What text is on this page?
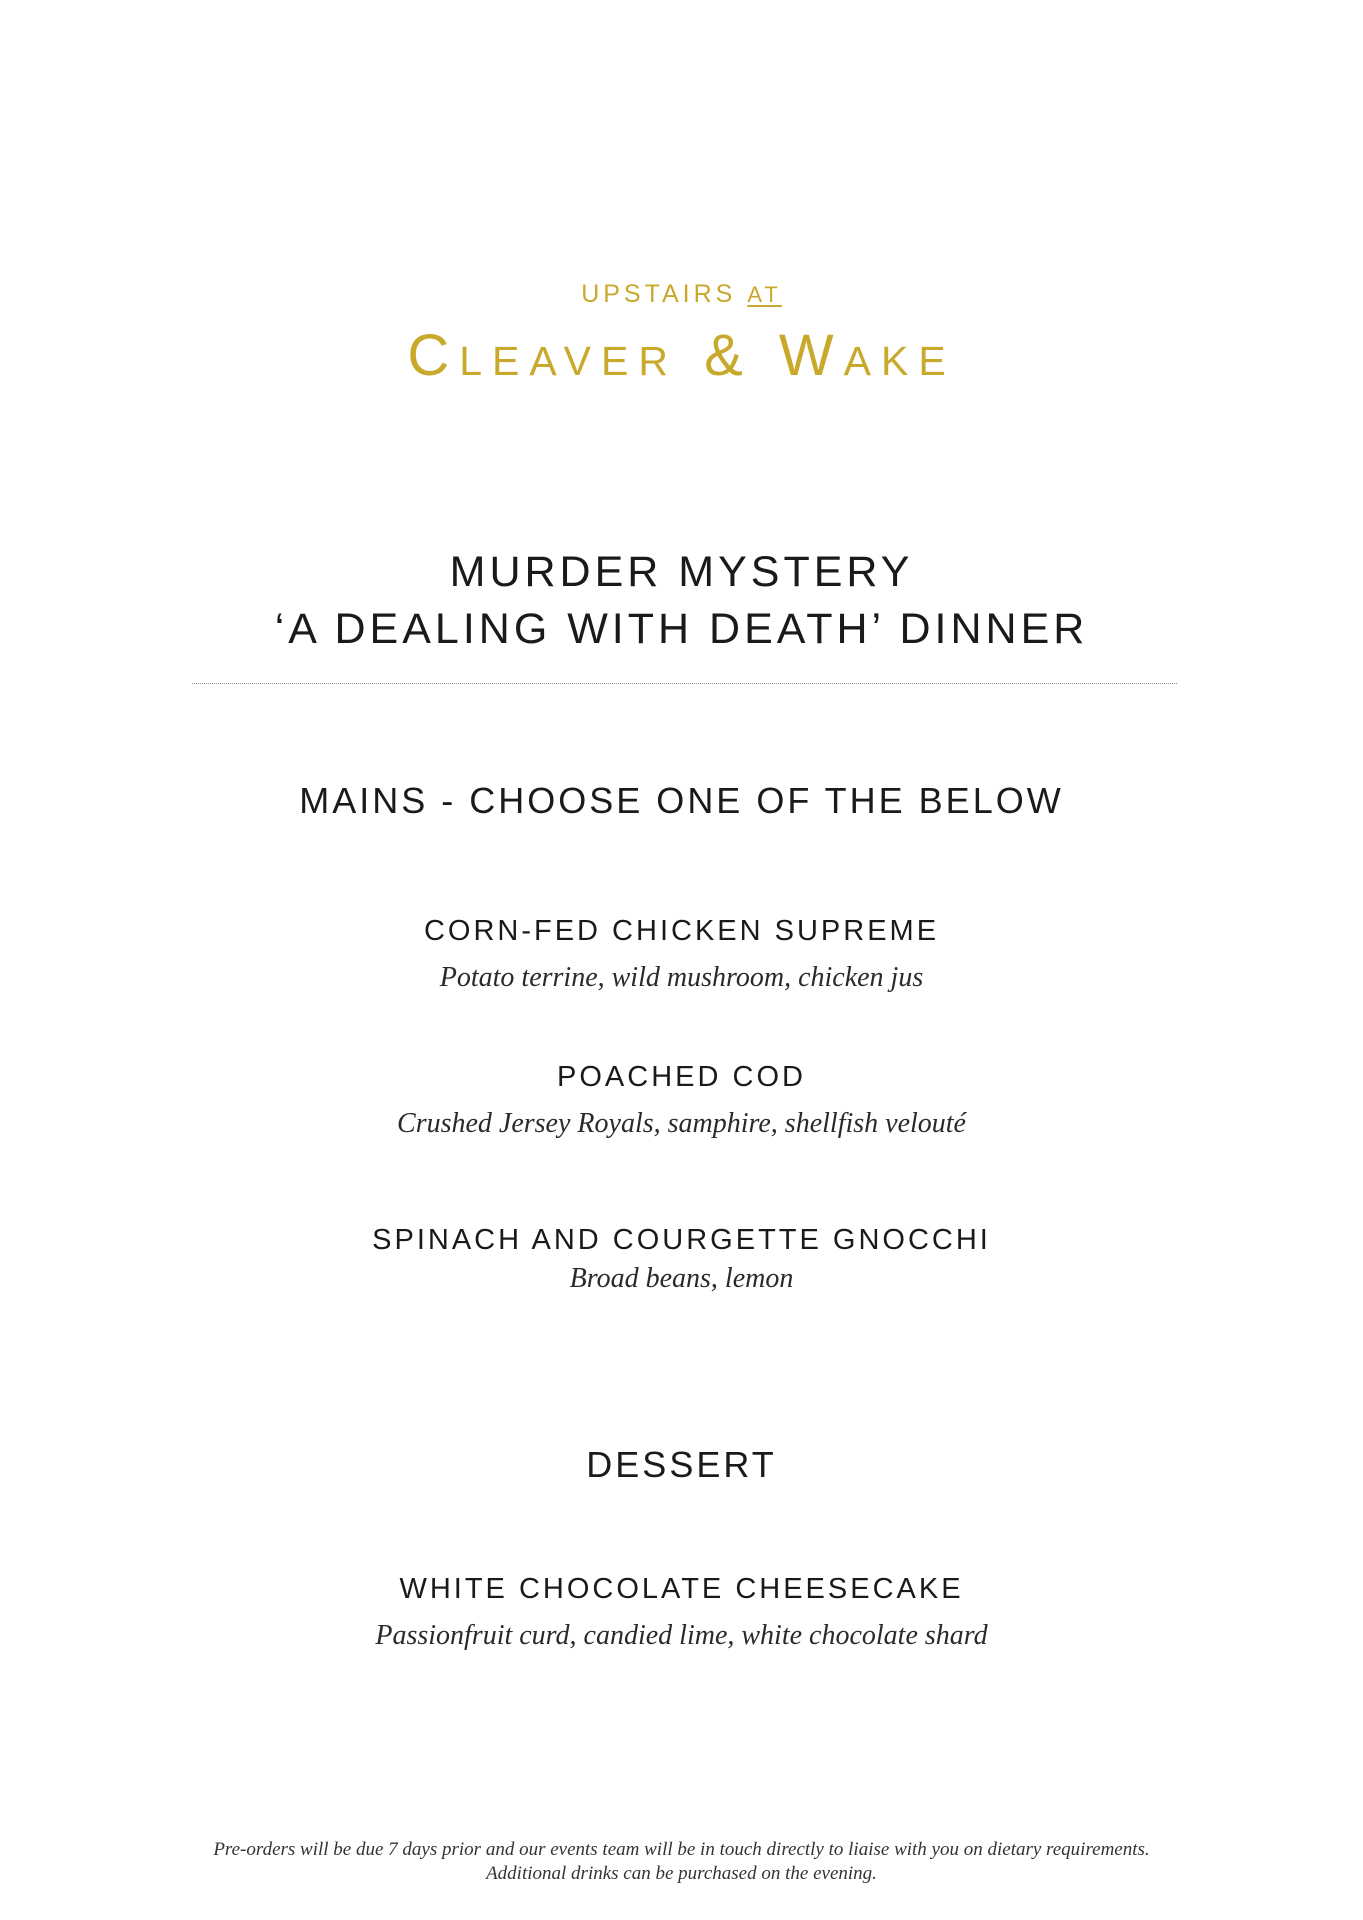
UPSTAIRS AT
Cleaver & Wake
MURDER MYSTERY
‘A DEALING WITH DEATH’ DINNER
MAINS - CHOOSE ONE OF THE BELOW
CORN-FED CHICKEN SUPREME
Potato terrine, wild mushroom, chicken jus
POACHED COD
Crushed Jersey Royals, samphire, shellfish velouté
SPINACH AND COURGETTE GNOCCHI
Broad beans, lemon
DESSERT
WHITE CHOCOLATE CHEESECAKE
Passionfruit curd, candied lime, white chocolate shard
Pre-orders will be due 7 days prior and our events team will be in touch directly to liaise with you on dietary requirements.
Additional drinks can be purchased on the evening.
